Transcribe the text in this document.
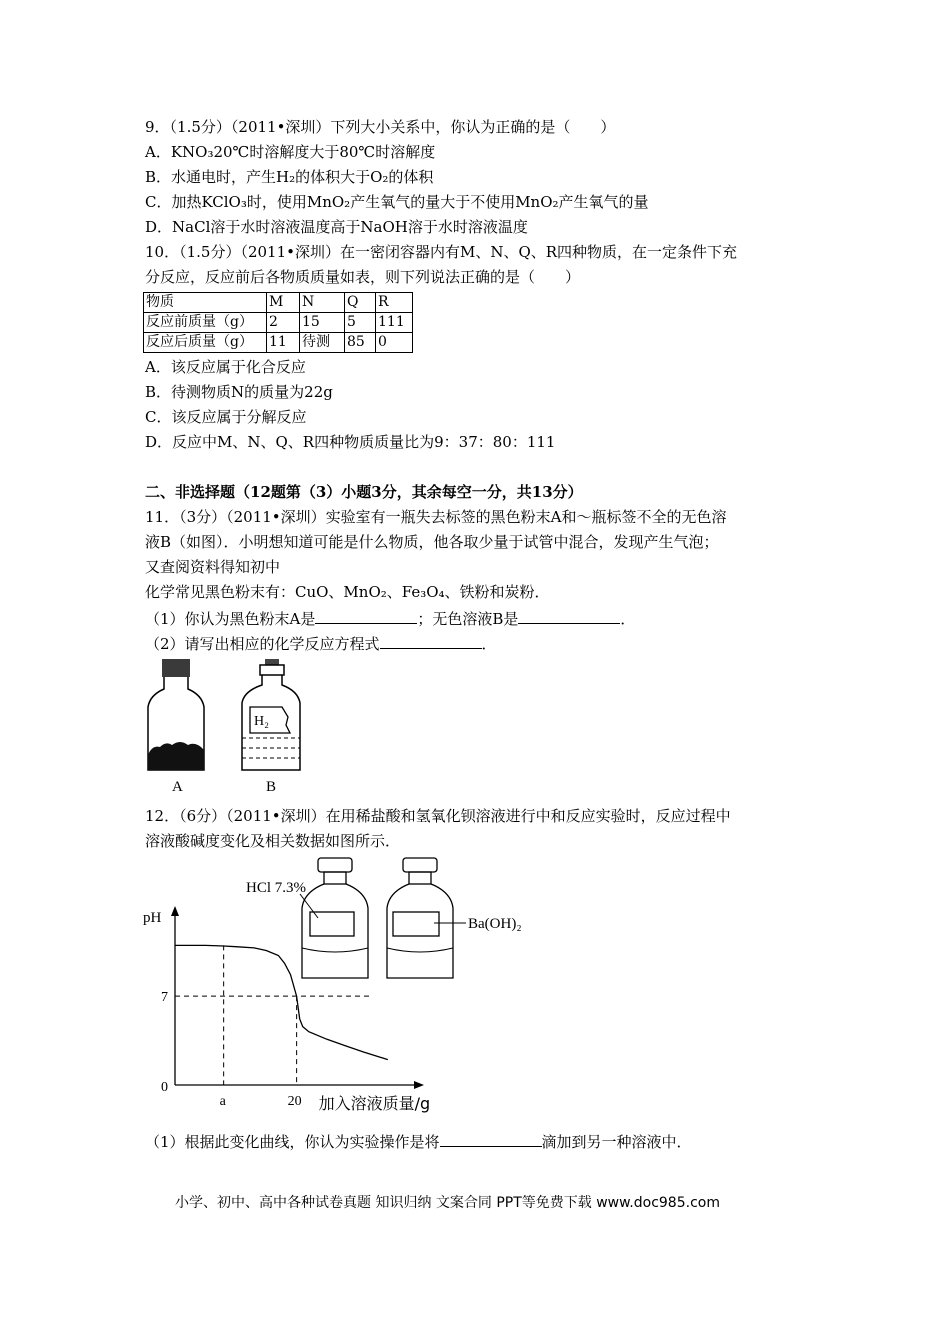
9．（1.5分）（2011•深圳）下列大小关系中，你认为正确的是（　　）
A．KNO₃20℃时溶解度大于80℃时溶解度
B．水通电时，产生H₂的体积大于O₂的体积
C．加热KClO₃时，使用MnO₂产生氧气的量大于不使用MnO₂产生氧气的量
D．NaCl溶于水时溶液温度高于NaOH溶于水时溶液温度
10．（1.5分）（2011•深圳）在一密闭容器内有M、N、Q、R四种物质，在一定条件下充
分反应，反应前后各物质质量如表，则下列说法正确的是（　　）
物质	M	N	Q	R
反应前质量（g）	2	15	5	111
反应后质量（g）	11	待测	85	0
A．该反应属于化合反应
B．待测物质N的质量为22g
C．该反应属于分解反应
D．反应中M、N、Q、R四种物质质量比为9：37：80：111
二、非选择题（12题第（3）小题3分，其余每空一分，共13分）
11．（3分）（2011•深圳）实验室有一瓶失去标签的黑色粉末A和～瓶标签不全的无色溶
液B（如图）．小明想知道可能是什么物质，他各取少量于试管中混合，发现产生气泡；
又查阅资料得知初中
化学常见黑色粉末有：CuO、MnO₂、Fe₃O₄、铁粉和炭粉．
（1）你认为黑色粉末A是	；无色溶液B是	．
（2）请写出相应的化学反应方程式	．
H₂
A	B
12．（6分）（2011•深圳）在用稀盐酸和氢氧化钡溶液进行中和反应实验时，反应过程中
溶液酸碱度变化及相关数据如图所示．
HCl 7.3%
Ba(OH)₂
pH
7
0
a	20 加入溶液质量/g
（1）根据此变化曲线，你认为实验操作是将	滴加到另一种溶液中．
小学、初中、高中各种试卷真题 知识归纳 文案合同 PPT等免费下载 www.doc985.com
